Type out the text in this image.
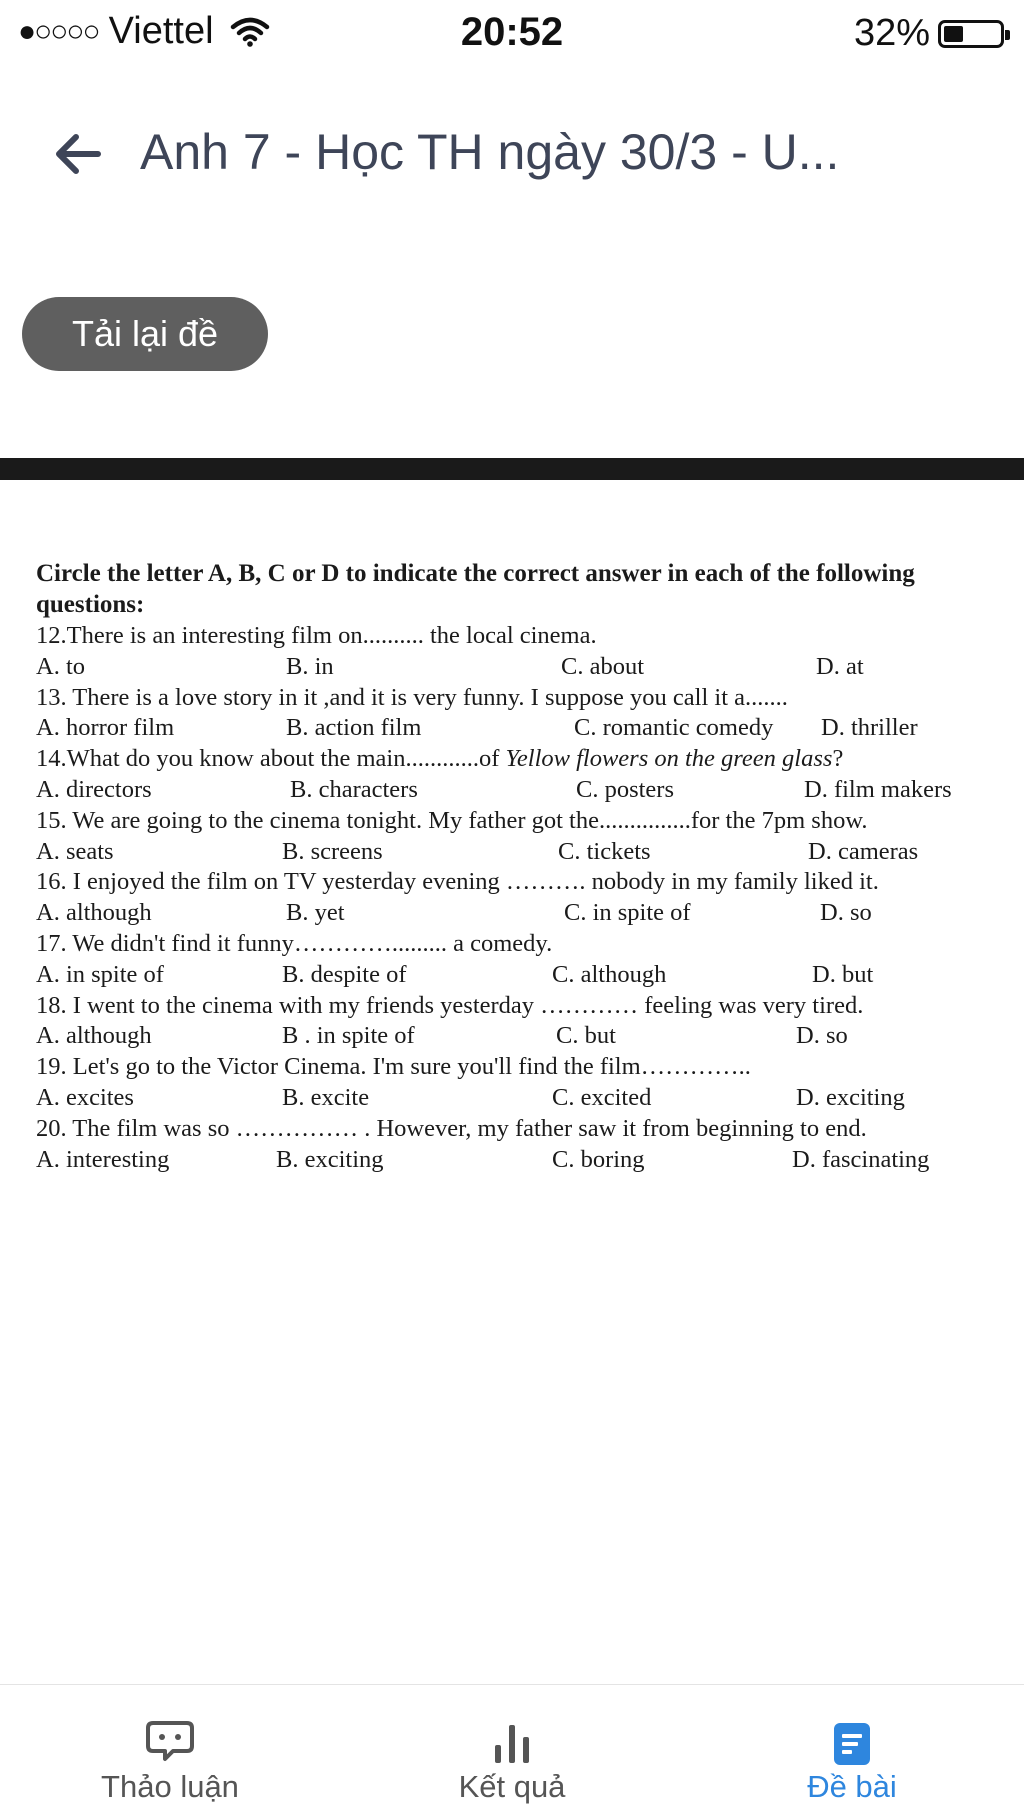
●○○○○ Viettel	20:52	32%
Anh 7 - Học TH ngày 30/3 - U...
Tải lại đề
Circle the letter A, B, C or D to indicate the correct answer in each of the following
questions:
12.There is an interesting film on.......... the local cinema.
A. to	B. in	C. about	D. at
13. There is a love story in it ,and it is very funny. I suppose you call it a.......
A. horror film	B. action film	C. romantic comedy D. thriller
14.What do you know about the main............of Yellow flowers on the green glass?
A. directors	B. characters	C. posters	D. film makers
15. We are going to the cinema tonight. My father got the...............for the 7pm show.
A. seats	B. screens	C. tickets	D. cameras
16. I enjoyed the film on TV yesterday evening ………. nobody in my family liked it.
A. although	B. yet	C. in spite of	D. so
17. We didn't find it funny…………......... a comedy.
A. in spite of	B. despite of	C. although	D. but
18. I went to the cinema with my friends yesterday ………… feeling was very tired.
A. although	B . in spite of	C. but	D. so
19. Let's go to the Victor Cinema. I'm sure you'll find the film…………..
A. excites	B. excite	C. excited	D. exciting
20. The film was so …………… . However, my father saw it from beginning to end.
A. interesting	B. exciting	C. boring	D. fascinating
Thảo luận	Kết quả	Đề bài
